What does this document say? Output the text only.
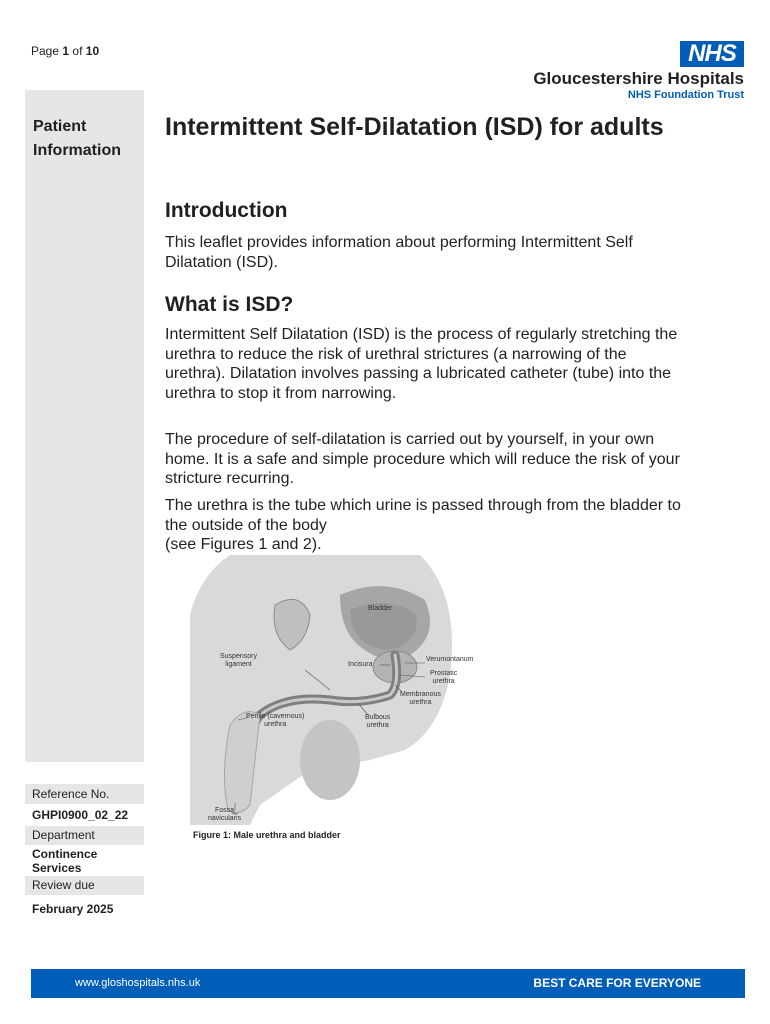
Page 1 of 10	NHS
Gloucestershire Hospitals
NHS Foundation Trust
Patient
Information
Intermittent Self-Dilatation (ISD) for adults
Introduction

This leaflet provides information about performing Intermittent Self Dilatation (ISD).

What is ISD?

Intermittent Self Dilatation (ISD) is the process of regularly stretching the urethra to reduce the risk of urethral strictures (a narrowing of the urethra). Dilatation involves passing a lubricated catheter (tube) into the urethra to stop it from narrowing.

The procedure of self-dilatation is carried out by yourself, in your own home. It is a safe and simple procedure which will reduce the risk of your stricture recurring.

The urethra is the tube which urine is passed through from the bladder to the outside of the body
(see Figures 1 and 2).

Bladder
Suspensory
ligament	Incisura
Verumontanum
Prostatic
urethra
Membranous
urethra
Penile (cavernous)
urethra
Bulbous
urethra
Fossa
navicularis
Figure 1: Male urethra and bladder
Reference No.
GHPI0900_02_22
Department
Continence Services
Review due
February 2025
www.gloshospitals.nhs.uk	BEST CARE FOR EVERYONE
